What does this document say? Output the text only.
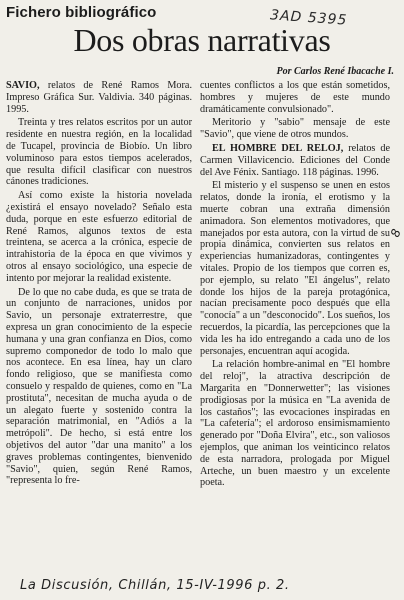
Fichero bibliográfico	3AD 5395
Dos obras narrativas
Por Carlos René Ibacache I.

SAVIO, relatos de René Ramos Mora. Impreso Gráfica Sur. Valdivia. 340 páginas. 1995.

Treinta y tres relatos escritos por un autor residente en nuestra región, en la localidad de Tucapel, provincia de Biobío. Un libro voluminoso para estos tiempos acelerados, que resulta difícil clasificar con nuestros cánones tradiciones.

Así como existe la historia novelada ¿existirá el ensayo novelado? Señalo esta duda, porque en este esfuerzo editorial de René Ramos, algunos textos de esta treintena, se acerca a la crónica, especie de intrahistoria de la época en que vivimos y otros al ensayo sociológico, una especie de intento por mejorar la realidad existente.

De lo que no cabe duda, es que se trata de un conjunto de narraciones, unidos por Savio, un personaje extraterrestre, que expresa un gran conocimiento de la especie humana y una gran confianza en Dios, como supremo componedor de todo lo malo que nos acontece. En esa línea, hay un claro fondo religioso, que se manifiesta como consuelo y respaldo de quienes, como en "La prostituta", necesitan de mucha ayuda o de un alegato fuerte y sostenido contra la separación matrimonial, en "Adiós a la metrópoli". De hecho, si está entre los objetivos del autor "dar una manito" a los graves problemas contingentes, bienvenido "Savio", quien, según René Ramos, "representa lo fre-

cuentes conflictos a los que están sometidos, hombres y mujeres de este mundo dramáticamente convulsionado".

Meritorio y "sabio" mensaje de este "Savio", que viene de otros mundos.

EL HOMBRE DEL RELOJ, relatos de Carmen Villavicencio. Ediciones del Conde del Ave Fénix. Santiago. 118 páginas. 1996.

El misterio y el suspenso se unen en estos relatos, donde la ironía, el erotismo y la muerte cobran una extraña dimensión animadora. Son elementos motivadores, que manejados por esta autora, con la virtud de su propia dinámica, convierten sus relatos en experiencias humanizadoras, contingentes y vitales. Propio de los tiempos que corren es, por ejemplo, su relato "El ángelus", relato donde los hijos de la pareja protagónica, nacían precisamente poco después que ella "conocía" a un "desconocido". Los sueños, los recuerdos, la picardía, las percepciones que la vida les ha ido entregando a cada uno de los personajes, encuentran aquí acogida.

La relación hombre-animal en "El hombre del reloj", la atractiva descripción de Margarita en "Donnerwetter"; las visiones prodigiosas por la música en "La avenida de los castaños"; las evocaciones inspiradas en "La cafetería"; el ardoroso ensimismamiento generado por "Doña Elvira", etc., son valiosos ejemplos, que animan los veinticinco relatos de esta narradora, prologada por Miguel Arteche, un buen maestro y un excelente poeta.

8
La Discusión, Chillán, 15-IV-1996 p. 2.
